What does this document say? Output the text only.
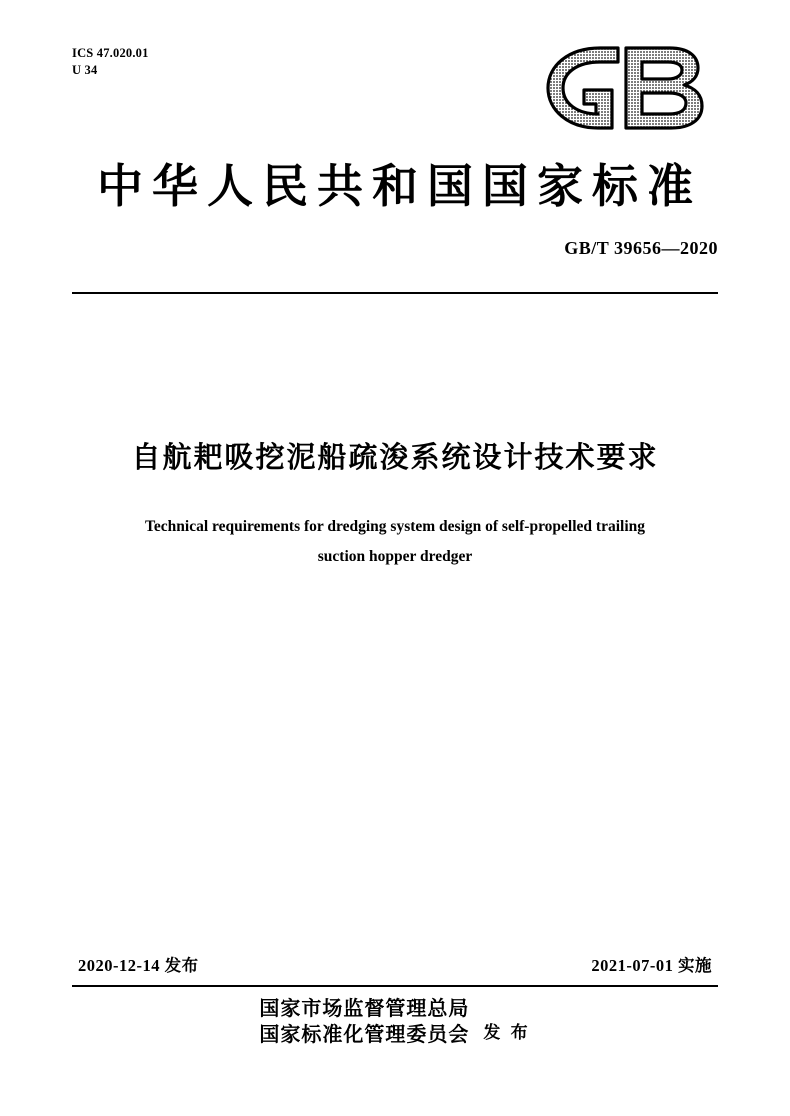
ICS 47.020.01
U 34
中华人民共和国国家标准
GB/T 39656—2020
自航耙吸挖泥船疏浚系统设计技术要求
Technical requirements for dredging system design of self-propelled trailing
suction hopper dredger
2020-12-14 发布	2021-07-01 实施
国家市场监督管理总局
国家标准化管理委员会 发 布
